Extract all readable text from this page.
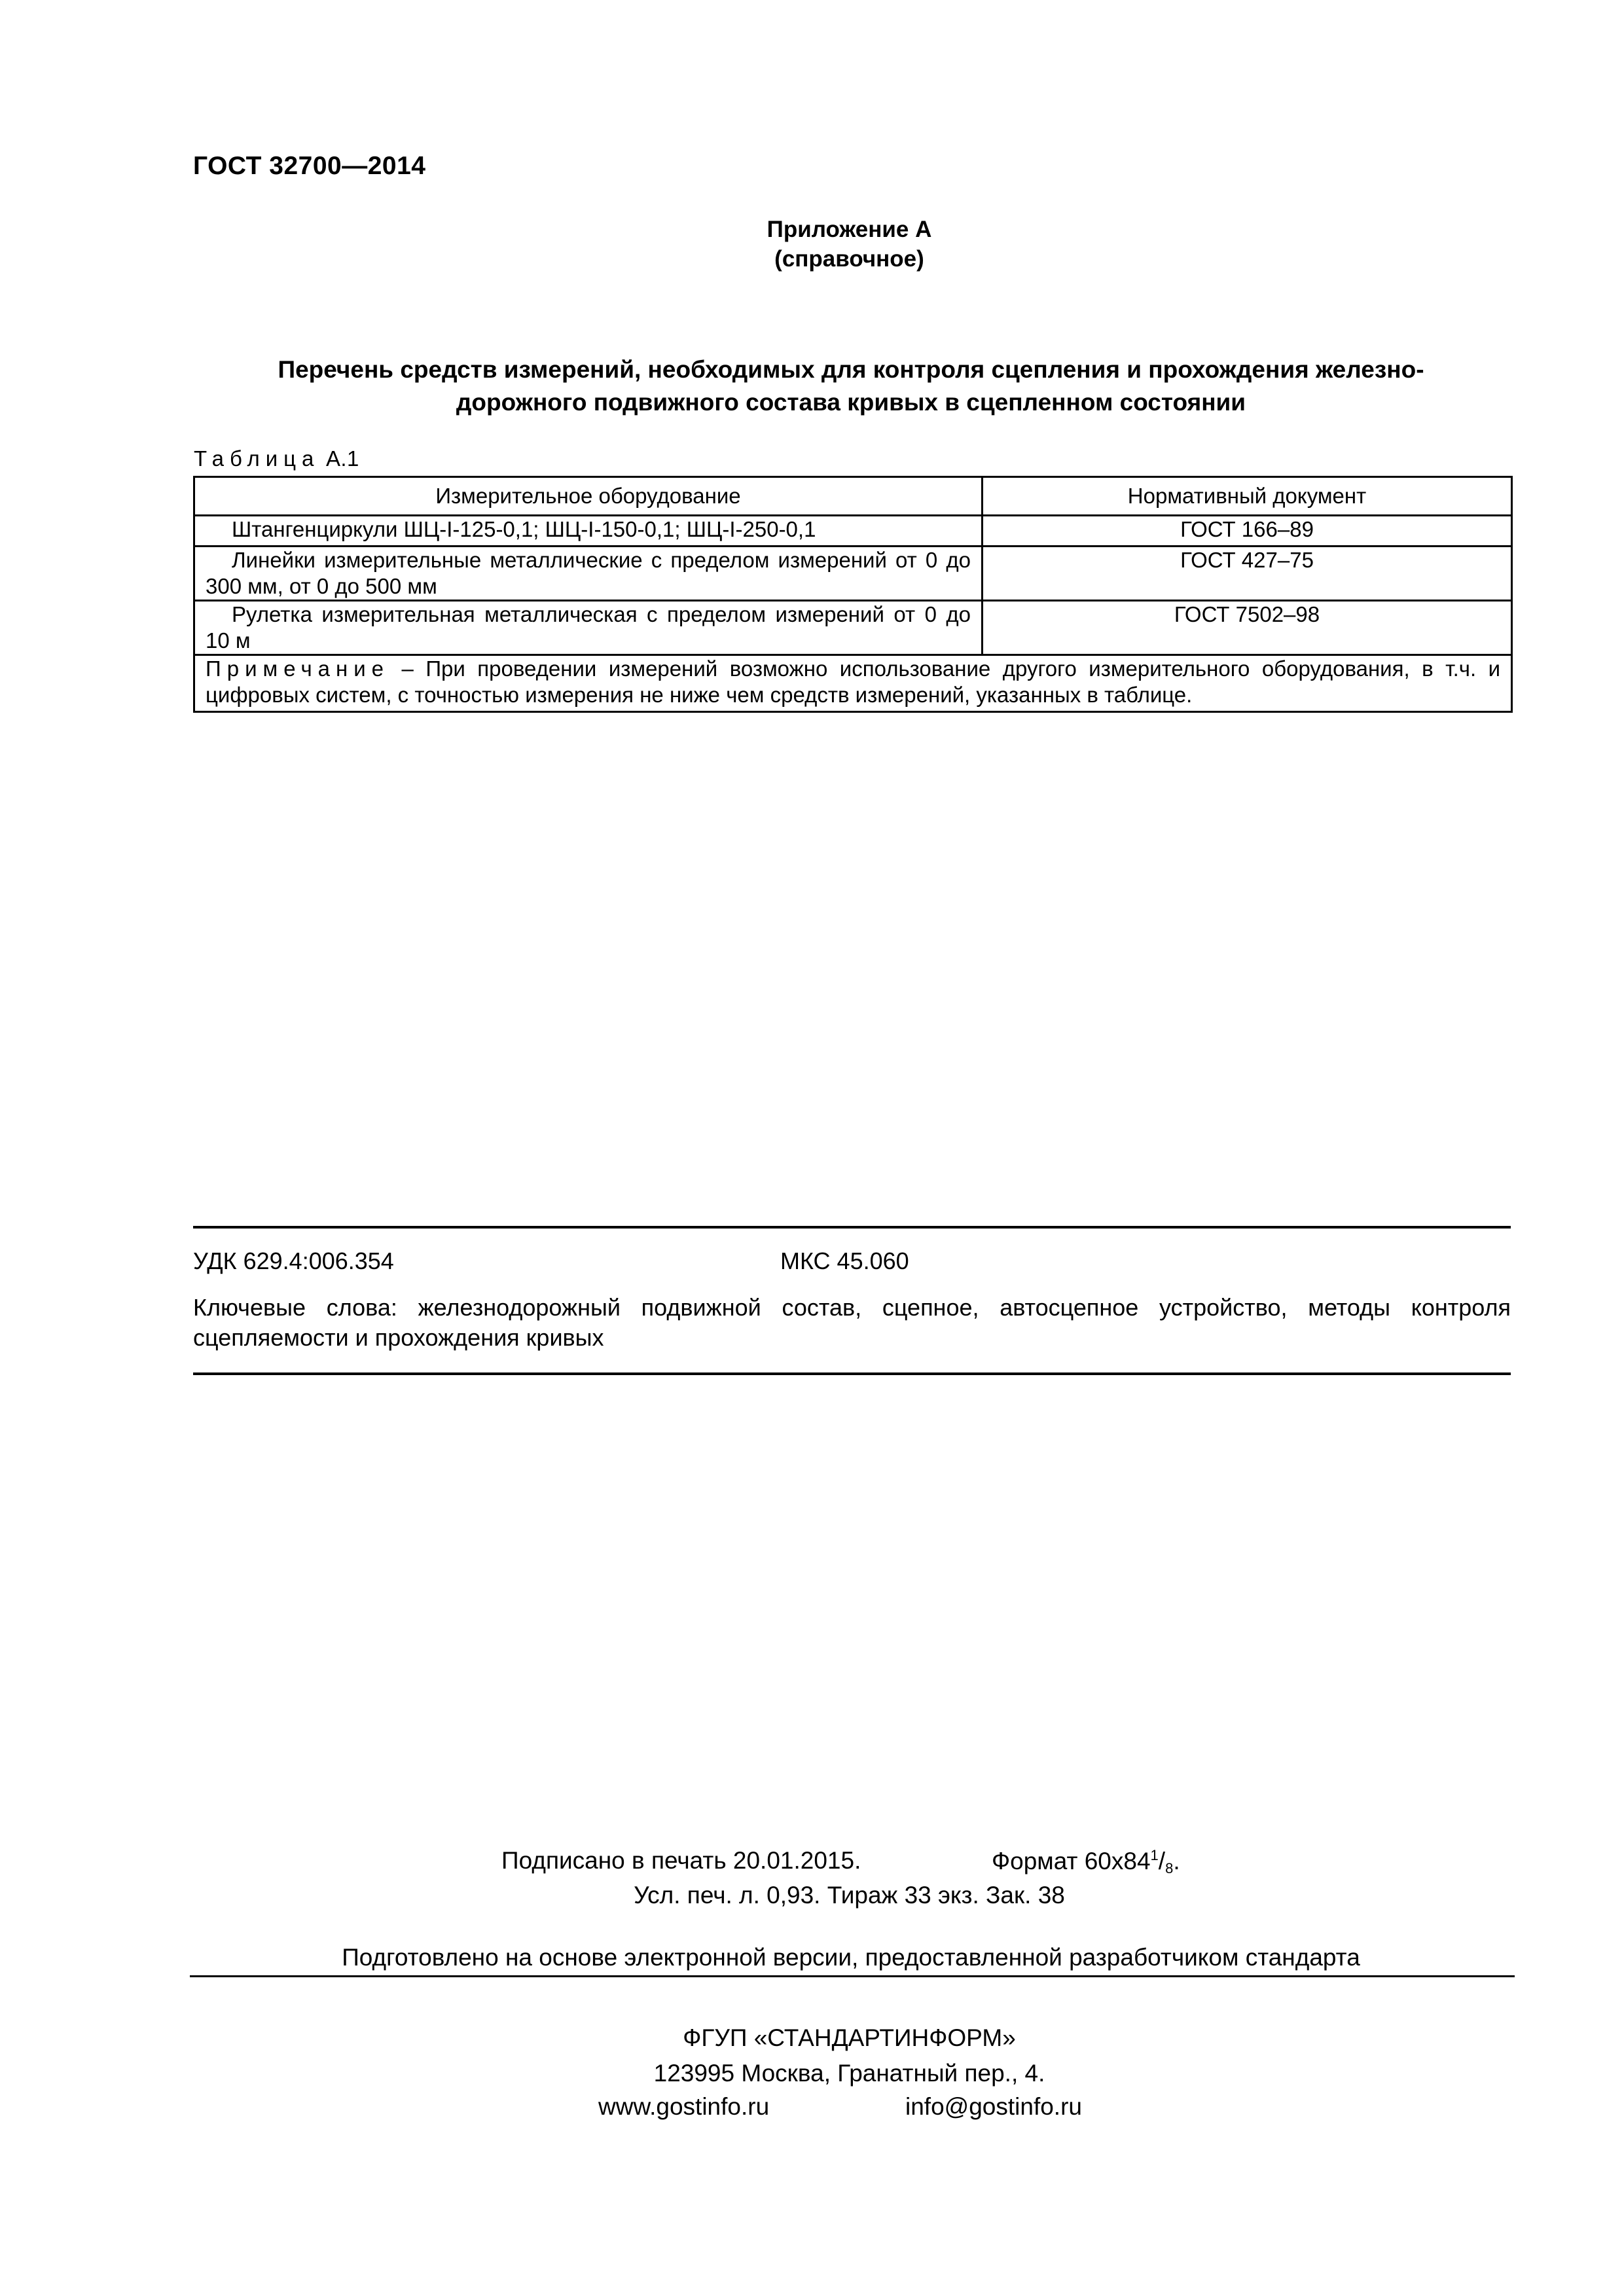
ГОСТ 32700—2014
Приложение А
(справочное)
Перечень средств измерений, необходимых для контроля сцепления и прохождения железно-
дорожного подвижного состава кривых в сцепленном состоянии
Таблица А.1
Измерительное оборудование	Нормативный документ

Штангенциркули ШЦ-I-125-0,1; ШЦ-I-150-0,1; ШЦ-I-250-0,1	ГОСТ 166–89

Линейки измерительные металлические с пределом измерений от 0 до 300 мм, от 0 до 500 мм	ГОСТ 427–75

Рулетка измерительная металлическая с пределом измерений от 0 до 10 м	ГОСТ 7502–98
Примечание – При проведении измерений возможно использование другого измерительного оборудования, в т.ч. и цифровых систем, с точностью измерения не ниже чем средств измерений, указанных в таблице.	
УДК 629.4:006.354	МКС 45.060
Ключевые слова: железнодорожный подвижной состав, сцепное, автосцепное устройство, методы контроля сцепляемости и прохождения кривых
Подписано в печать 20.01.2015.	Формат $60x84^1/_8$.
Усл. печ. л. 0,93. Тираж 33 экз. Зак. 38
Подготовлено на основе электронной версии, предоставленной разработчиком стандарта
ФГУП «СТАНДАРТИНФОРМ»
123995 Москва, Гранатный пер., 4.
www.gostinfo.ru	info@gostinfo.ru
